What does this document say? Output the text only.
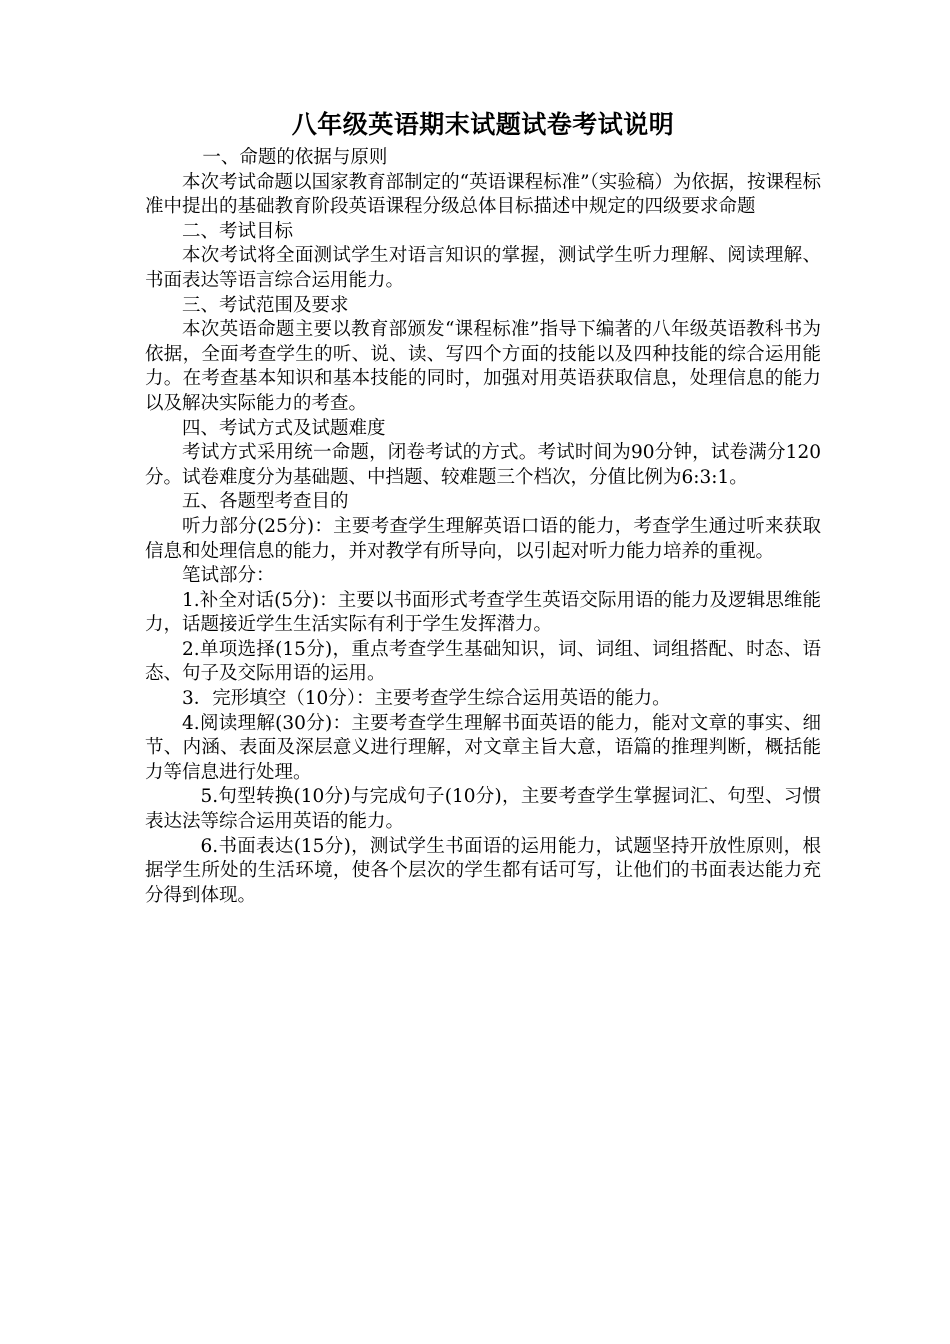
八年级英语期末试题试卷考试说明

一、命题的依据与原则

本次考试命题以国家教育部制定的“英语课程标准”（实验稿）为依据，按课程标准中提出的基础教育阶段英语课程分级总体目标描述中规定的四级要求命题

二、考试目标

本次考试将全面测试学生对语言知识的掌握，测试学生听力理解、阅读理解、书面表达等语言综合运用能力。

三、考试范围及要求

本次英语命题主要以教育部颁发“课程标准”指导下编著的八年级英语教科书为依据，全面考查学生的听、说、读、写四个方面的技能以及四种技能的综合运用能力。在考查基本知识和基本技能的同时，加强对用英语获取信息，处理信息的能力以及解决实际能力的考查。

四、考试方式及试题难度

考试方式采用统一命题，闭卷考试的方式。考试时间为90分钟，试卷满分120分。试卷难度分为基础题、中挡题、较难题三个档次，分值比例为6:3:1。

五、各题型考查目的

听力部分(25分)：主要考查学生理解英语口语的能力，考查学生通过听来获取信息和处理信息的能力，并对教学有所导向，以引起对听力能力培养的重视。

笔试部分：

1.补全对话(5分)：主要以书面形式考查学生英语交际用语的能力及逻辑思维能力，话题接近学生生活实际有利于学生发挥潜力。

2.单项选择(15分)，重点考查学生基础知识，词、词组、词组搭配、时态、语态、句子及交际用语的运用。

3．完形填空（10分）：主要考查学生综合运用英语的能力。

4.阅读理解(30分)：主要考查学生理解书面英语的能力，能对文章的事实、细节、内涵、表面及深层意义进行理解，对文章主旨大意，语篇的推理判断，概括能力等信息进行处理。

5.句型转换(10分)与完成句子(10分)，主要考查学生掌握词汇、句型、习惯表达法等综合运用英语的能力。

6.书面表达(15分)，测试学生书面语的运用能力，试题坚持开放性原则，根据学生所处的生活环境，使各个层次的学生都有话可写，让他们的书面表达能力充分得到体现。
